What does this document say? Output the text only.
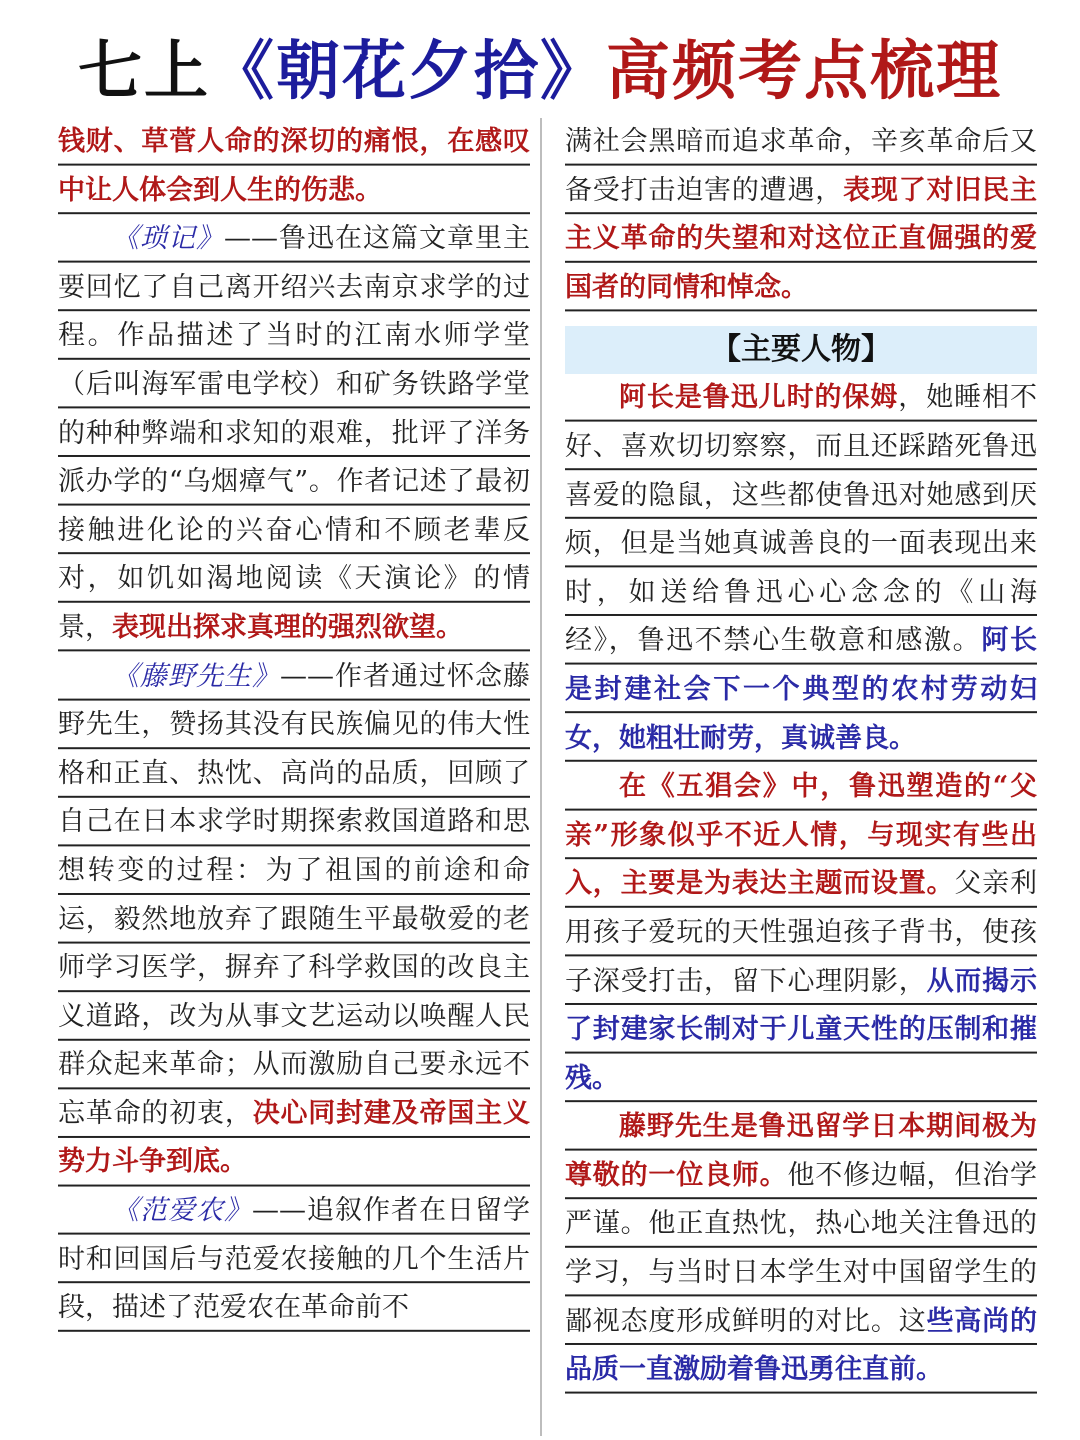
七上《朝花夕拾》高频考点梳理

钱财、草菅人命的深切的痛恨，在感叹中让人体会到人生的伤悲。

《琐记》——鲁迅在这篇文章里主要回忆了自己离开绍兴去南京求学的过程。作品描述了当时的江南水师学堂（后叫海军雷电学校）和矿务铁路学堂的种种弊端和求知的艰难，批评了洋务派办学的“乌烟瘴气”。作者记述了最初接触进化论的兴奋心情和不顾老辈反对，如饥如渴地阅读《天演论》的情景，表现出探求真理的强烈欲望。

《藤野先生》——作者通过怀念藤野先生，赞扬其没有民族偏见的伟大性格和正直、热忱、高尚的品质，回顾了自己在日本求学时期探索救国道路和思想转变的过程：为了祖国的前途和命运，毅然地放弃了跟随生平最敬爱的老师学习医学，摒弃了科学救国的改良主义道路，改为从事文艺运动以唤醒人民群众起来革命；从而激励自己要永远不忘革命的初衷，决心同封建及帝国主义势力斗争到底。

《范爱农》——追叙作者在日留学时和回国后与范爱农接触的几个生活片段，描述了范爱农在革命前不

满社会黑暗而追求革命，辛亥革命后又备受打击迫害的遭遇，表现了对旧民主主义革命的失望和对这位正直倔强的爱国者的同情和悼念。

【主要人物】

阿长是鲁迅儿时的保姆，她睡相不好、喜欢切切察察，而且还踩踏死鲁迅喜爱的隐鼠，这些都使鲁迅对她感到厌烦，但是当她真诚善良的一面表现出来时，如送给鲁迅心心念念的《山海经》，鲁迅不禁心生敬意和感激。阿长是封建社会下一个典型的农村劳动妇女，她粗壮耐劳，真诚善良。

在《五猖会》中，鲁迅塑造的“父亲”形象似乎不近人情，与现实有些出入，主要是为表达主题而设置。父亲利用孩子爱玩的天性强迫孩子背书，使孩子深受打击，留下心理阴影，从而揭示了封建家长制对于儿童天性的压制和摧残。

藤野先生是鲁迅留学日本期间极为尊敬的一位良师。他不修边幅，但治学严谨。他正直热忱，热心地关注鲁迅的学习，与当时日本学生对中国留学生的鄙视态度形成鲜明的对比。这些高尚的品质一直激励着鲁迅勇往直前。
